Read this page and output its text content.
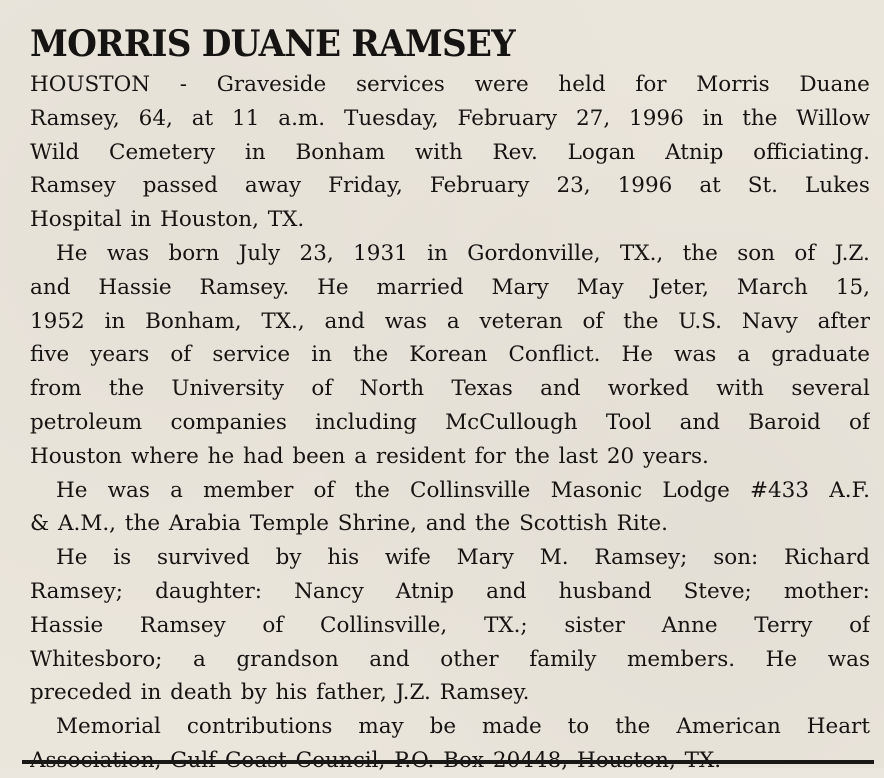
MORRIS DUANE RAMSEY
HOUSTON - Graveside services were held for Morris Duane
Ramsey, 64, at 11 a.m. Tuesday, February 27, 1996 in the Willow
Wild Cemetery in Bonham with Rev. Logan Atnip officiating.
Ramsey passed away Friday, February 23, 1996 at St. Lukes
Hospital in Houston, TX.
He was born July 23, 1931 in Gordonville, TX., the son of J.Z.
and Hassie Ramsey. He married Mary May Jeter, March 15,
1952 in Bonham, TX., and was a veteran of the U.S. Navy after
five years of service in the Korean Conflict. He was a graduate
from the University of North Texas and worked with several
petroleum companies including McCullough Tool and Baroid of
Houston where he had been a resident for the last 20 years.
He was a member of the Collinsville Masonic Lodge #433 A.F.
& A.M., the Arabia Temple Shrine, and the Scottish Rite.
He is survived by his wife Mary M. Ramsey; son: Richard
Ramsey; daughter: Nancy Atnip and husband Steve; mother:
Hassie Ramsey of Collinsville, TX.; sister Anne Terry of
Whitesboro; a grandson and other family members. He was
preceded in death by his father, J.Z. Ramsey.
Memorial contributions may be made to the American Heart
